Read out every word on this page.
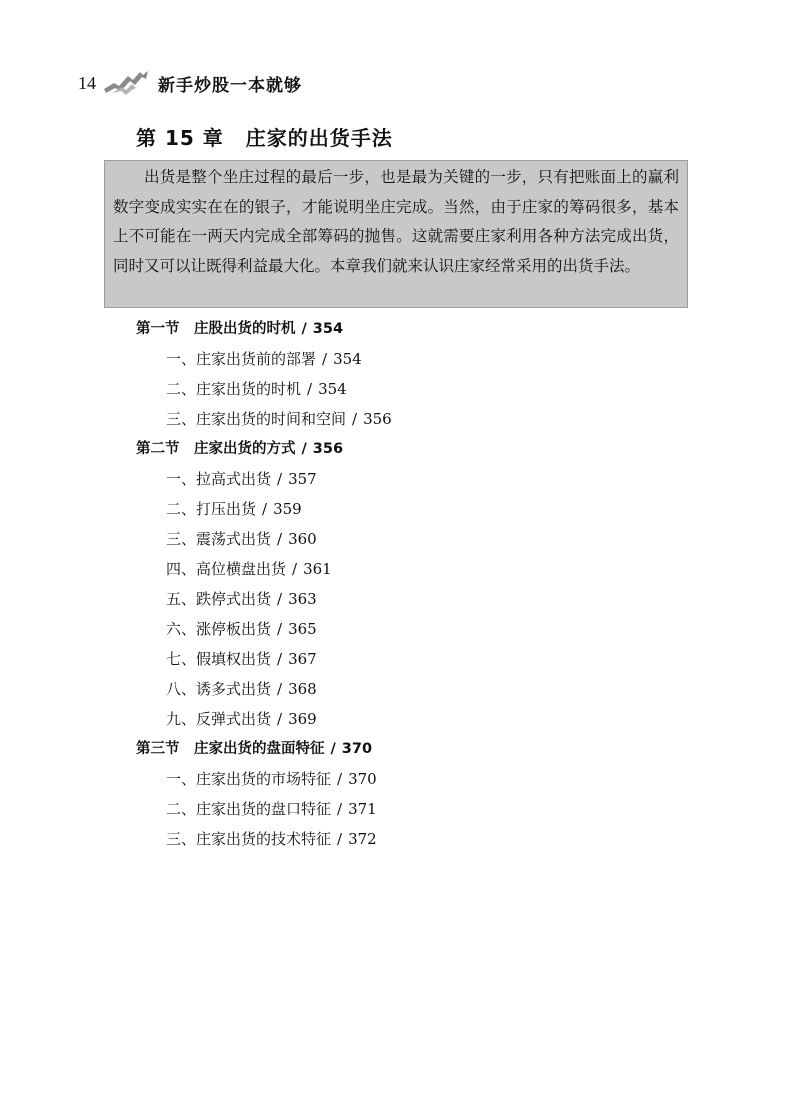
14	新手炒股一本就够
第 15 章 庄家的出货手法
出货是整个坐庄过程的最后一步，也是最为关键的一步，只有把账面上的赢利数字变成实实在在的银子，才能说明坐庄完成。当然，由于庄家的筹码很多，基本上不可能在一两天内完成全部筹码的抛售。这就需要庄家利用各种方法完成出货，同时又可以让既得利益最大化。本章我们就来认识庄家经常采用的出货手法。
第一节　庄股出货的时机 / 354
一、庄家出货前的部署 / 354
二、庄家出货的时机 / 354
三、庄家出货的时间和空间 / 356
第二节　庄家出货的方式 / 356
一、拉高式出货 / 357
二、打压出货 / 359
三、震荡式出货 / 360
四、高位横盘出货 / 361
五、跌停式出货 / 363
六、涨停板出货 / 365
七、假填权出货 / 367
八、诱多式出货 / 368
九、反弹式出货 / 369
第三节　庄家出货的盘面特征 / 370
一、庄家出货的市场特征 / 370
二、庄家出货的盘口特征 / 371
三、庄家出货的技术特征 / 372
